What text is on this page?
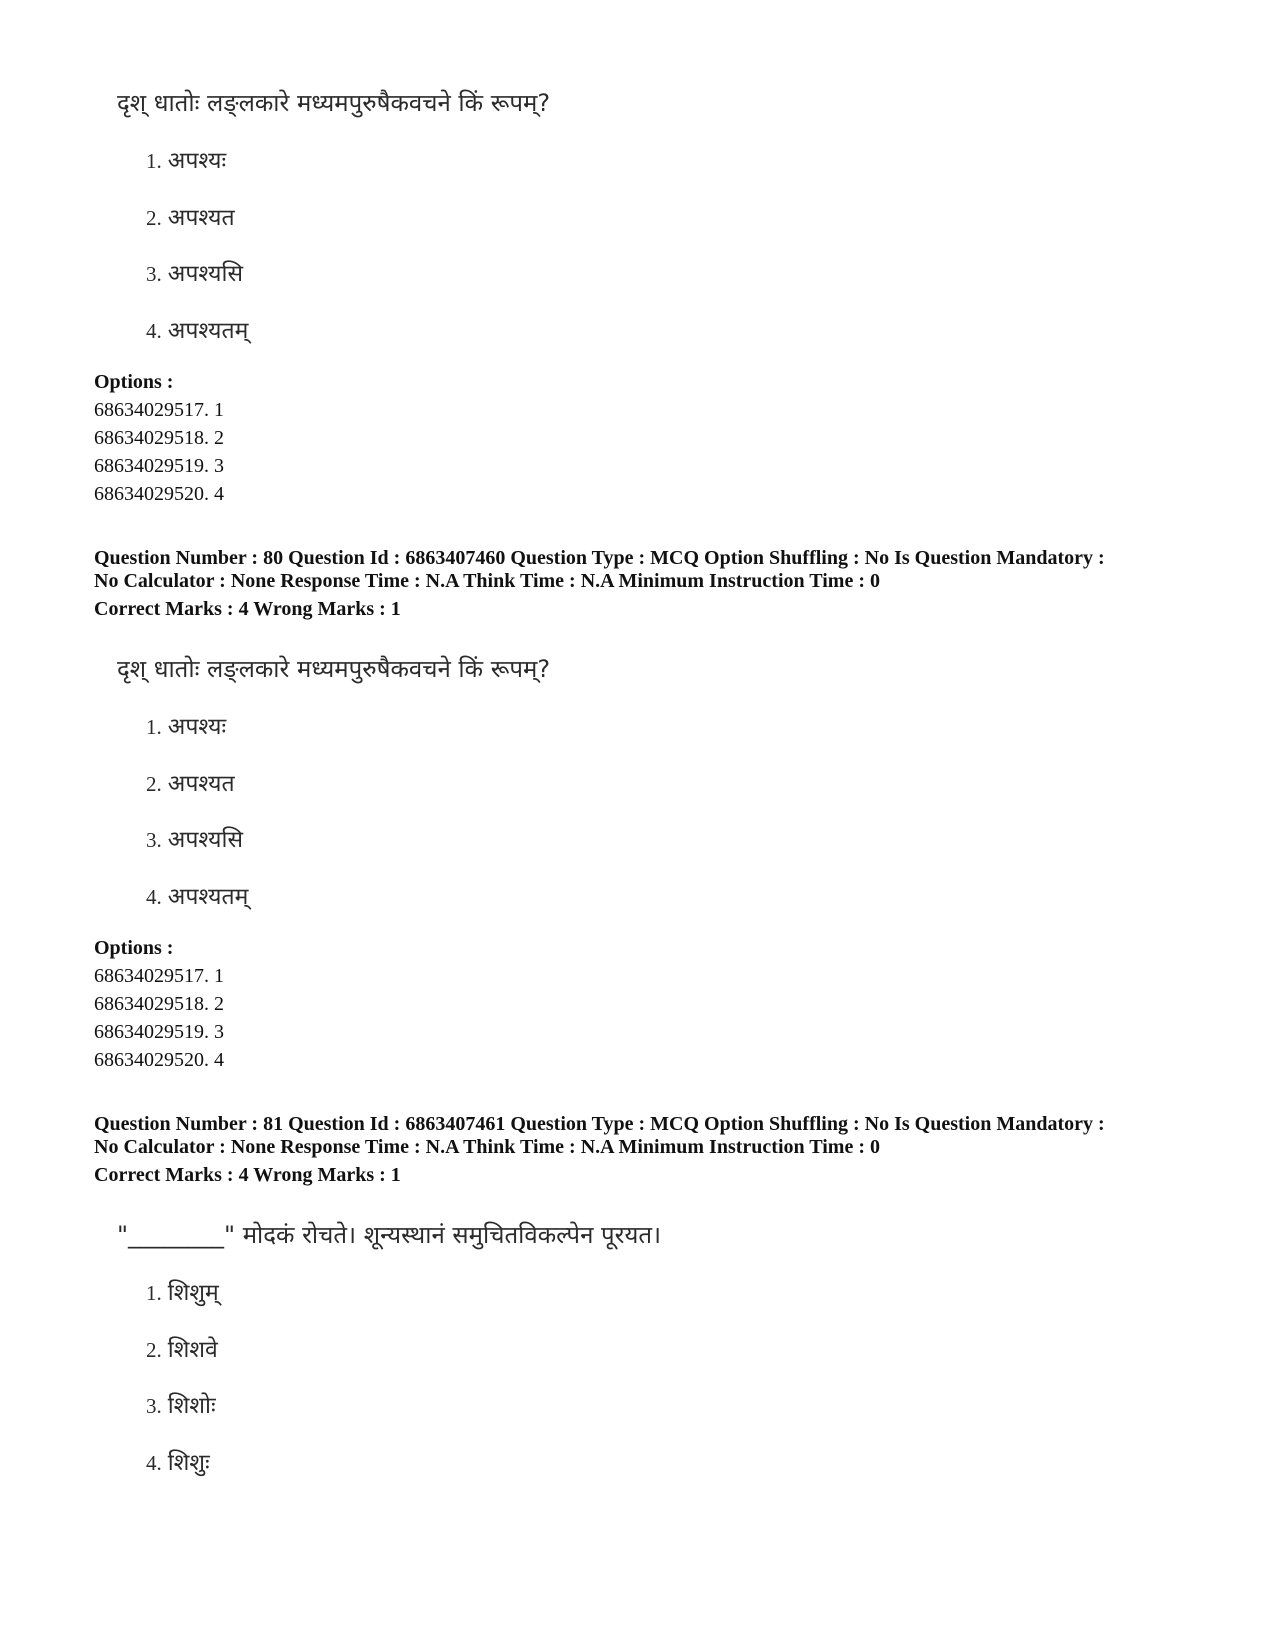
दृश् धातोः लङ्लकारे मध्यमपुरुषैकवचने किं रूपम्?
1. अपश्यः
2. अपश्यत
3. अपश्यसि
4. अपश्यतम्
Options :
68634029517. 1
68634029518. 2
68634029519. 3
68634029520. 4
Question Number : 80 Question Id : 6863407460 Question Type : MCQ Option Shuffling : No Is Question Mandatory :
No Calculator : None Response Time : N.A Think Time : N.A Minimum Instruction Time : 0
Correct Marks : 4 Wrong Marks : 1
दृश् धातोः लङ्लकारे मध्यमपुरुषैकवचने किं रूपम्?
1. अपश्यः
2. अपश्यत
3. अपश्यसि
4. अपश्यतम्
Options :
68634029517. 1
68634029518. 2
68634029519. 3
68634029520. 4
Question Number : 81 Question Id : 6863407461 Question Type : MCQ Option Shuffling : No Is Question Mandatory :
No Calculator : None Response Time : N.A Think Time : N.A Minimum Instruction Time : 0
Correct Marks : 4 Wrong Marks : 1
"________" मोदकं रोचते। शून्यस्थानं समुचितविकल्पेन पूरयत।
1. शिशुम्
2. शिशवे
3. शिशोः
4. शिशुः
